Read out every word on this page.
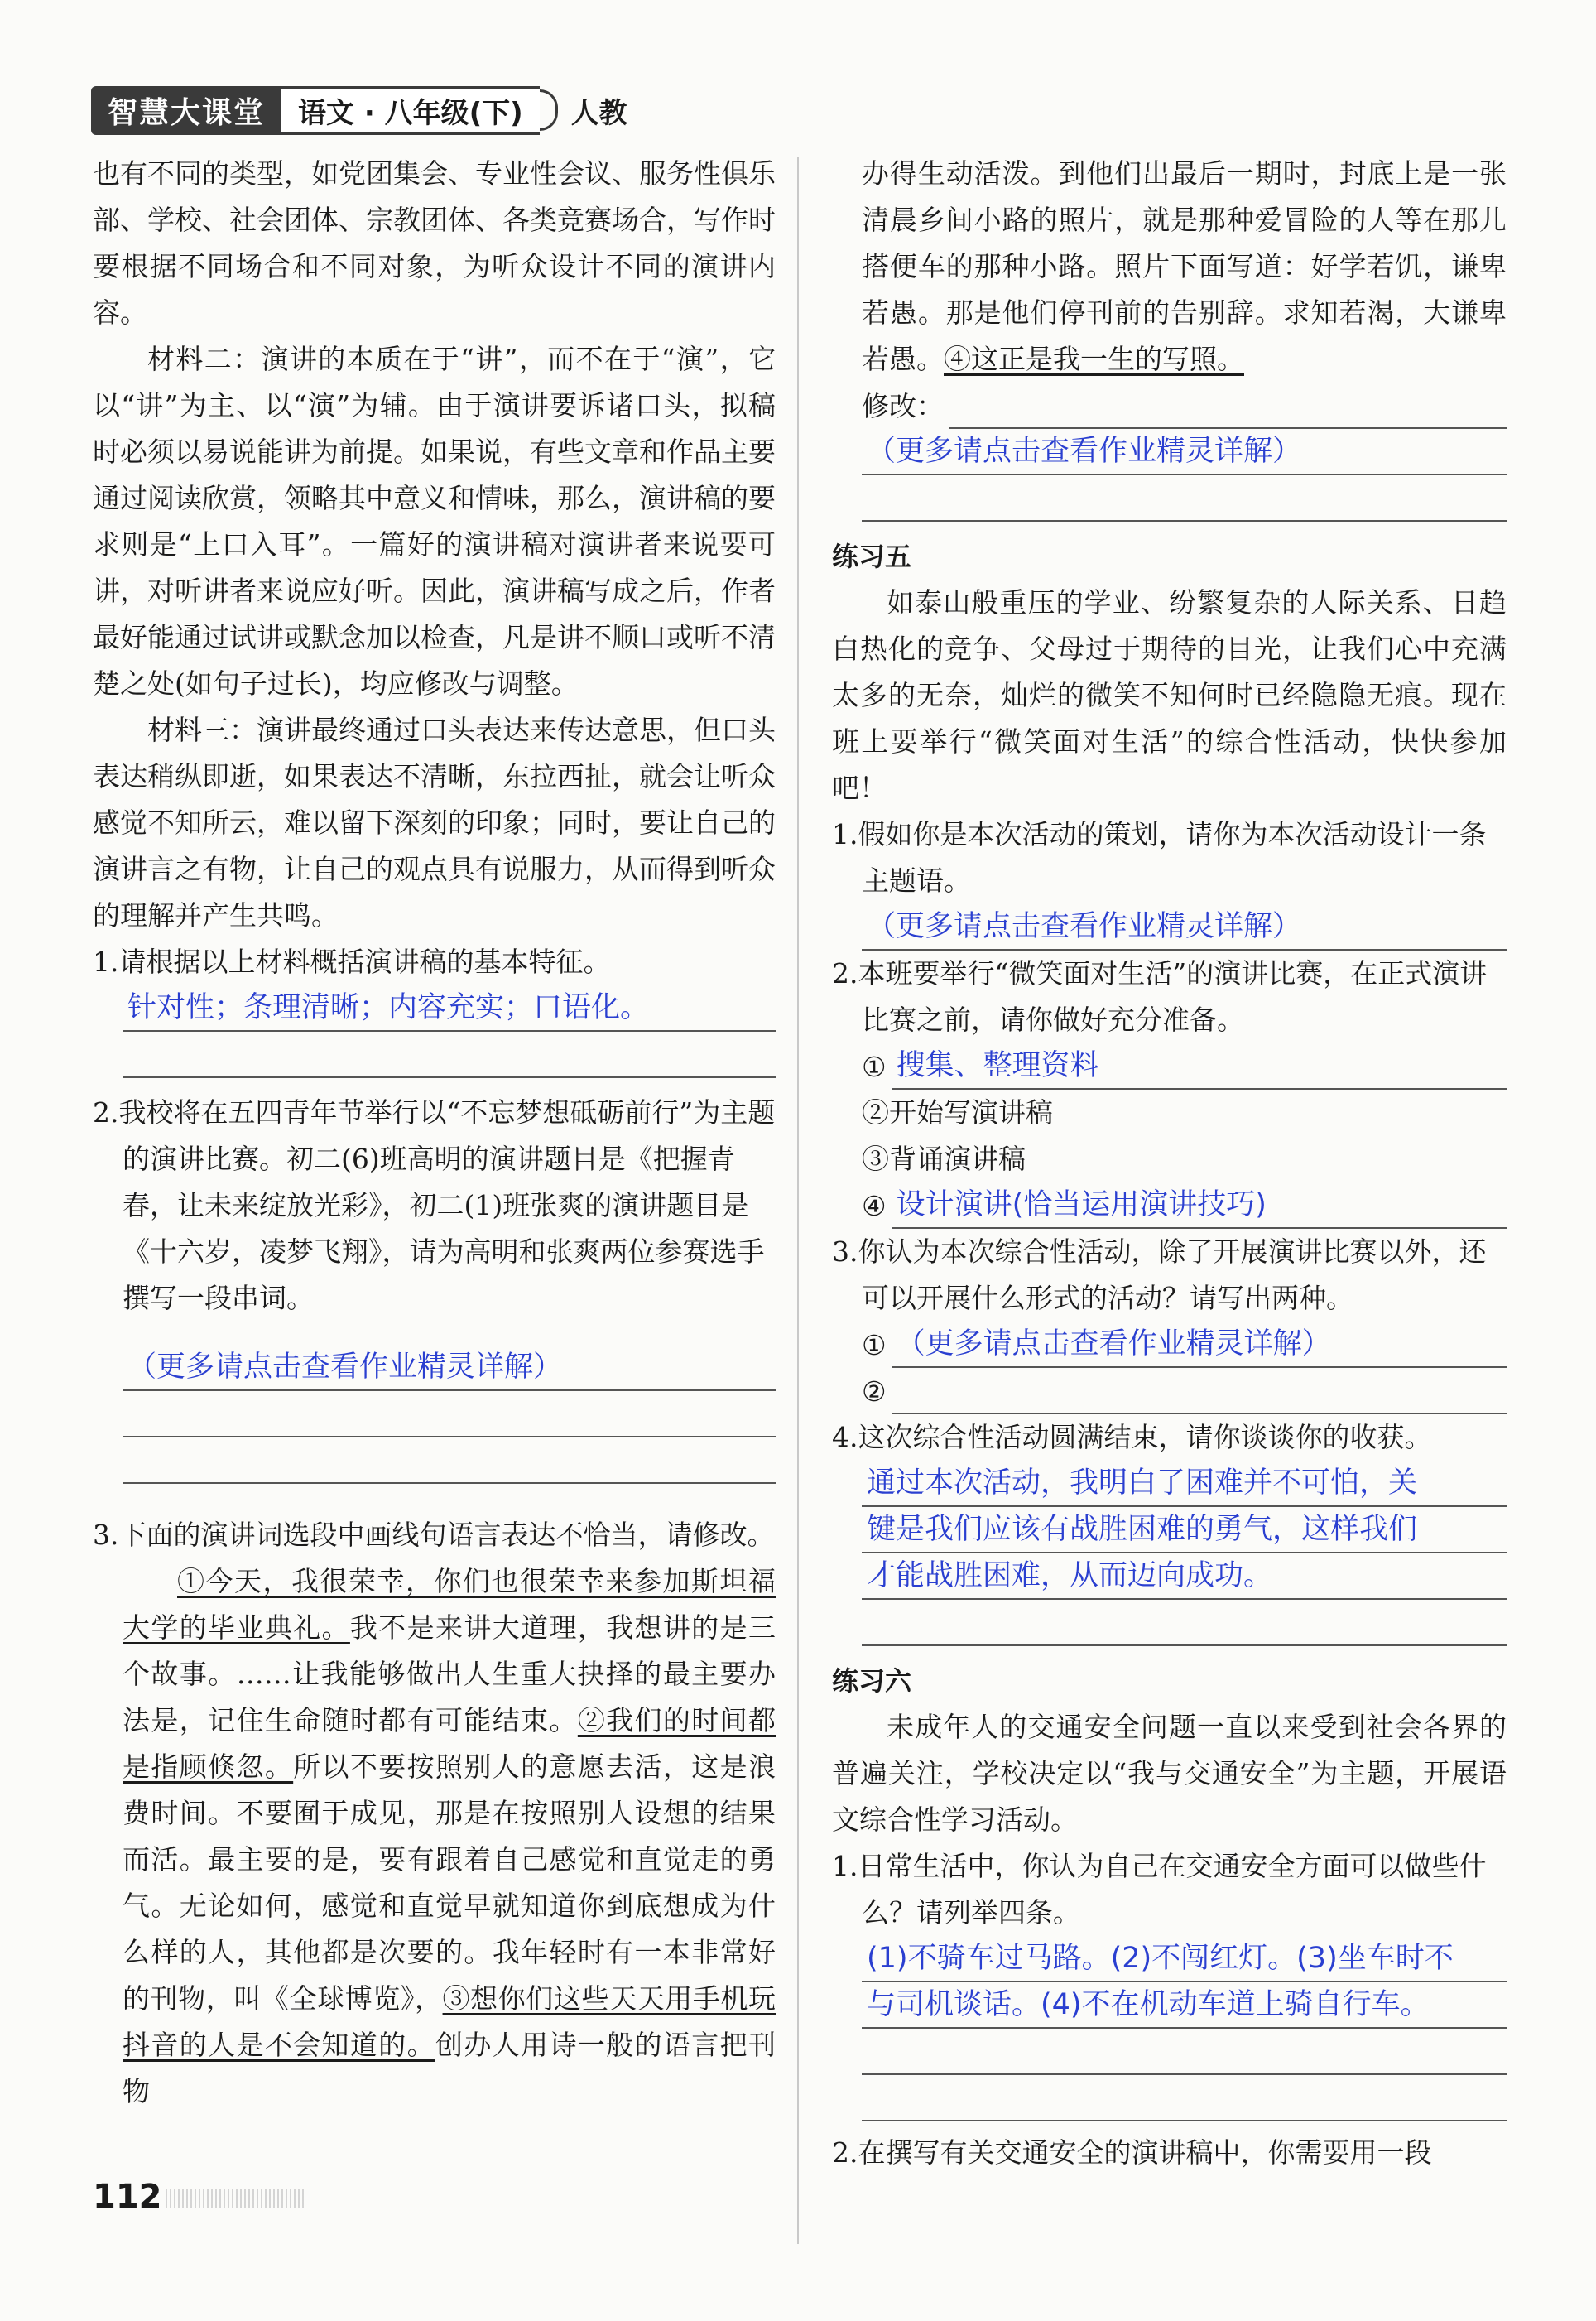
智慧大课堂	语文 · 八年级(下)	人教

也有不同的类型，如党团集会、专业性会议、服务性俱乐部、学校、社会团体、宗教团体、各类竞赛场合，写作时要根据不同场合和不同对象，为听众设计不同的演讲内容。

材料二：演讲的本质在于“讲”，而不在于“演”，它以“讲”为主、以“演”为辅。由于演讲要诉诸口头，拟稿时必须以易说能讲为前提。如果说，有些文章和作品主要通过阅读欣赏，领略其中意义和情味，那么，演讲稿的要求则是“上口入耳”。一篇好的演讲稿对演讲者来说要可讲，对听讲者来说应好听。因此，演讲稿写成之后，作者最好能通过试讲或默念加以检查，凡是讲不顺口或听不清楚之处(如句子过长)，均应修改与调整。

材料三：演讲最终通过口头表达来传达意思，但口头表达稍纵即逝，如果表达不清晰，东拉西扯，就会让听众感觉不知所云，难以留下深刻的印象；同时，要让自己的演讲言之有物，让自己的观点具有说服力，从而得到听众的理解并产生共鸣。

1.请根据以上材料概括演讲稿的基本特征。

针对性；条理清晰；内容充实；口语化。

2.我校将在五四青年节举行以“不忘梦想砥砺前行”为主题的演讲比赛。初二(6)班高明的演讲题目是《把握青春，让未来绽放光彩》，初二(1)班张爽的演讲题目是《十六岁，凌梦飞翔》，请为高明和张爽两位参赛选手撰写一段串词。

（更多请点击查看作业精灵详解）

3.下面的演讲词选段中画线句语言表达不恰当，请修改。

①今天，我很荣幸，你们也很荣幸来参加斯坦福大学的毕业典礼。我不是来讲大道理，我想讲的是三个故事。……让我能够做出人生重大抉择的最主要办法是，记住生命随时都有可能结束。②我们的时间都是指顾倏忽。所以不要按照别人的意愿去活，这是浪费时间。不要囿于成见，那是在按照别人设想的结果而活。最主要的是，要有跟着自己感觉和直觉走的勇气。无论如何，感觉和直觉早就知道你到底想成为什么样的人，其他都是次要的。我年轻时有一本非常好的刊物，叫《全球博览》，③想你们这些天天用手机玩抖音的人是不会知道的。创办人用诗一般的语言把刊物

办得生动活泼。到他们出最后一期时，封底上是一张清晨乡间小路的照片，就是那种爱冒险的人等在那儿搭便车的那种小路。照片下面写道：好学若饥，谦卑若愚。那是他们停刊前的告别辞。求知若渴，大谦卑若愚。④这正是我一生的写照。

修改：
（更多请点击查看作业精灵详解）
练习五

如泰山般重压的学业、纷繁复杂的人际关系、日趋白热化的竞争、父母过于期待的目光，让我们心中充满太多的无奈，灿烂的微笑不知何时已经隐隐无痕。现在班上要举行“微笑面对生活”的综合性活动，快快参加吧！

1.假如你是本次活动的策划，请你为本次活动设计一条主题语。

（更多请点击查看作业精灵详解）

2.本班要举行“微笑面对生活”的演讲比赛，在正式演讲比赛之前，请你做好充分准备。

① 搜集、整理资料
②开始写演讲稿
③背诵演讲稿
④ 设计演讲(恰当运用演讲技巧)

3.你认为本次综合性活动，除了开展演讲比赛以外，还可以开展什么形式的活动？请写出两种。

① （更多请点击查看作业精灵详解）
②

4.这次综合性活动圆满结束，请你谈谈你的收获。

通过本次活动，我明白了困难并不可怕，关
键是我们应该有战胜困难的勇气，这样我们
才能战胜困难，从而迈向成功。
练习六

未成年人的交通安全问题一直以来受到社会各界的普遍关注，学校决定以“我与交通安全”为主题，开展语文综合性学习活动。

1.日常生活中，你认为自己在交通安全方面可以做些什么？请列举四条。

(1)不骑车过马路。(2)不闯红灯。(3)坐车时不
与司机谈话。(4)不在机动车道上骑自行车。

2.在撰写有关交通安全的演讲稿中，你需要用一段

112
